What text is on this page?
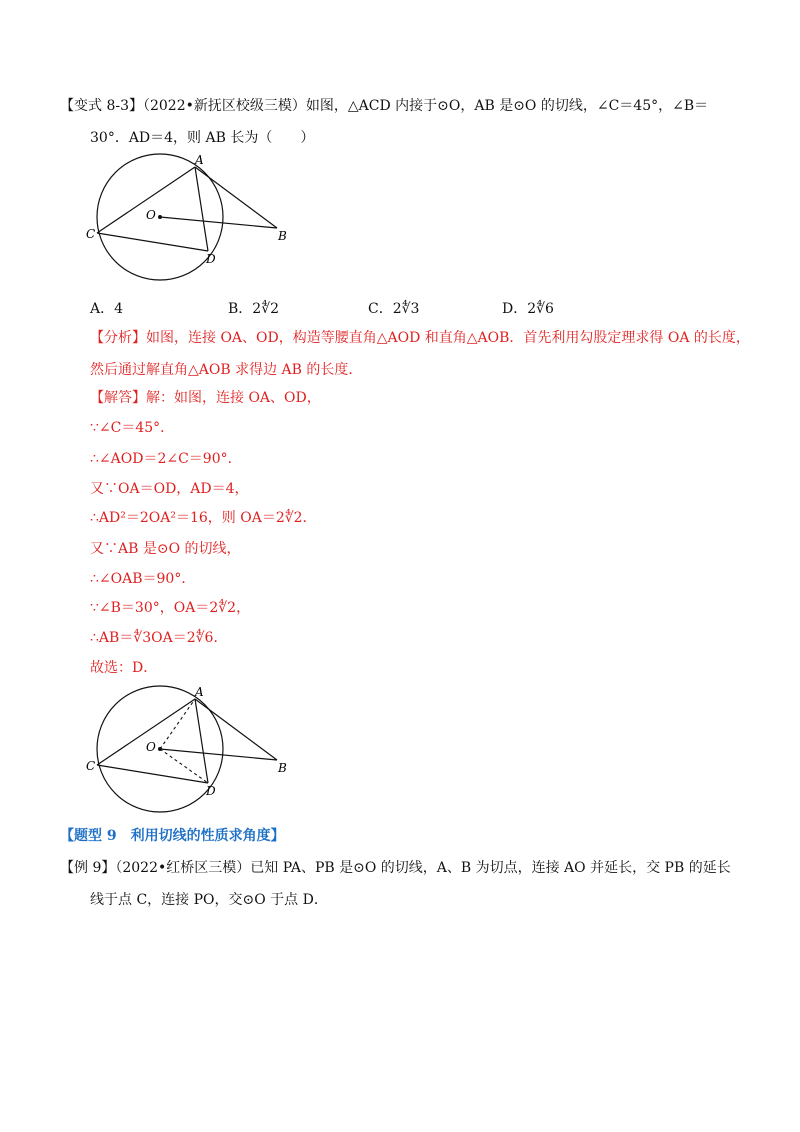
【变式 8-3】（2022•新抚区校级三模）如图，△ACD 内接于⊙O，AB 是⊙O 的切线，∠C＝45°，∠B＝
30°．AD＝4，则 AB 长为（　　）
A
O
C	B
D
A．4	B．2∜2	C．2∜3	D．2∜6
【分析】如图，连接 OA、OD，构造等腰直角△AOD 和直角△AOB．首先利用勾股定理求得 OA 的长度，
然后通过解直角△AOB 求得边 AB 的长度．
【解答】解：如图，连接 OA、OD，
∵∠C＝45°．
∴∠AOD＝2∠C＝90°．
又∵OA＝OD，AD＝4，
∴AD²＝2OA²＝16，则 OA＝2∜2．
又∵AB 是⊙O 的切线，
∴∠OAB＝90°．
∵∠B＝30°，OA＝2∜2，
∴AB＝∜3OA＝2∜6．
故选：D．
A
O
C	B
D
【题型 9　利用切线的性质求角度】
【例 9】（2022•红桥区三模）已知 PA、PB 是⊙O 的切线，A、B 为切点，连接 AO 并延长，交 PB 的延长
线于点 C，连接 PO，交⊙O 于点 D．
